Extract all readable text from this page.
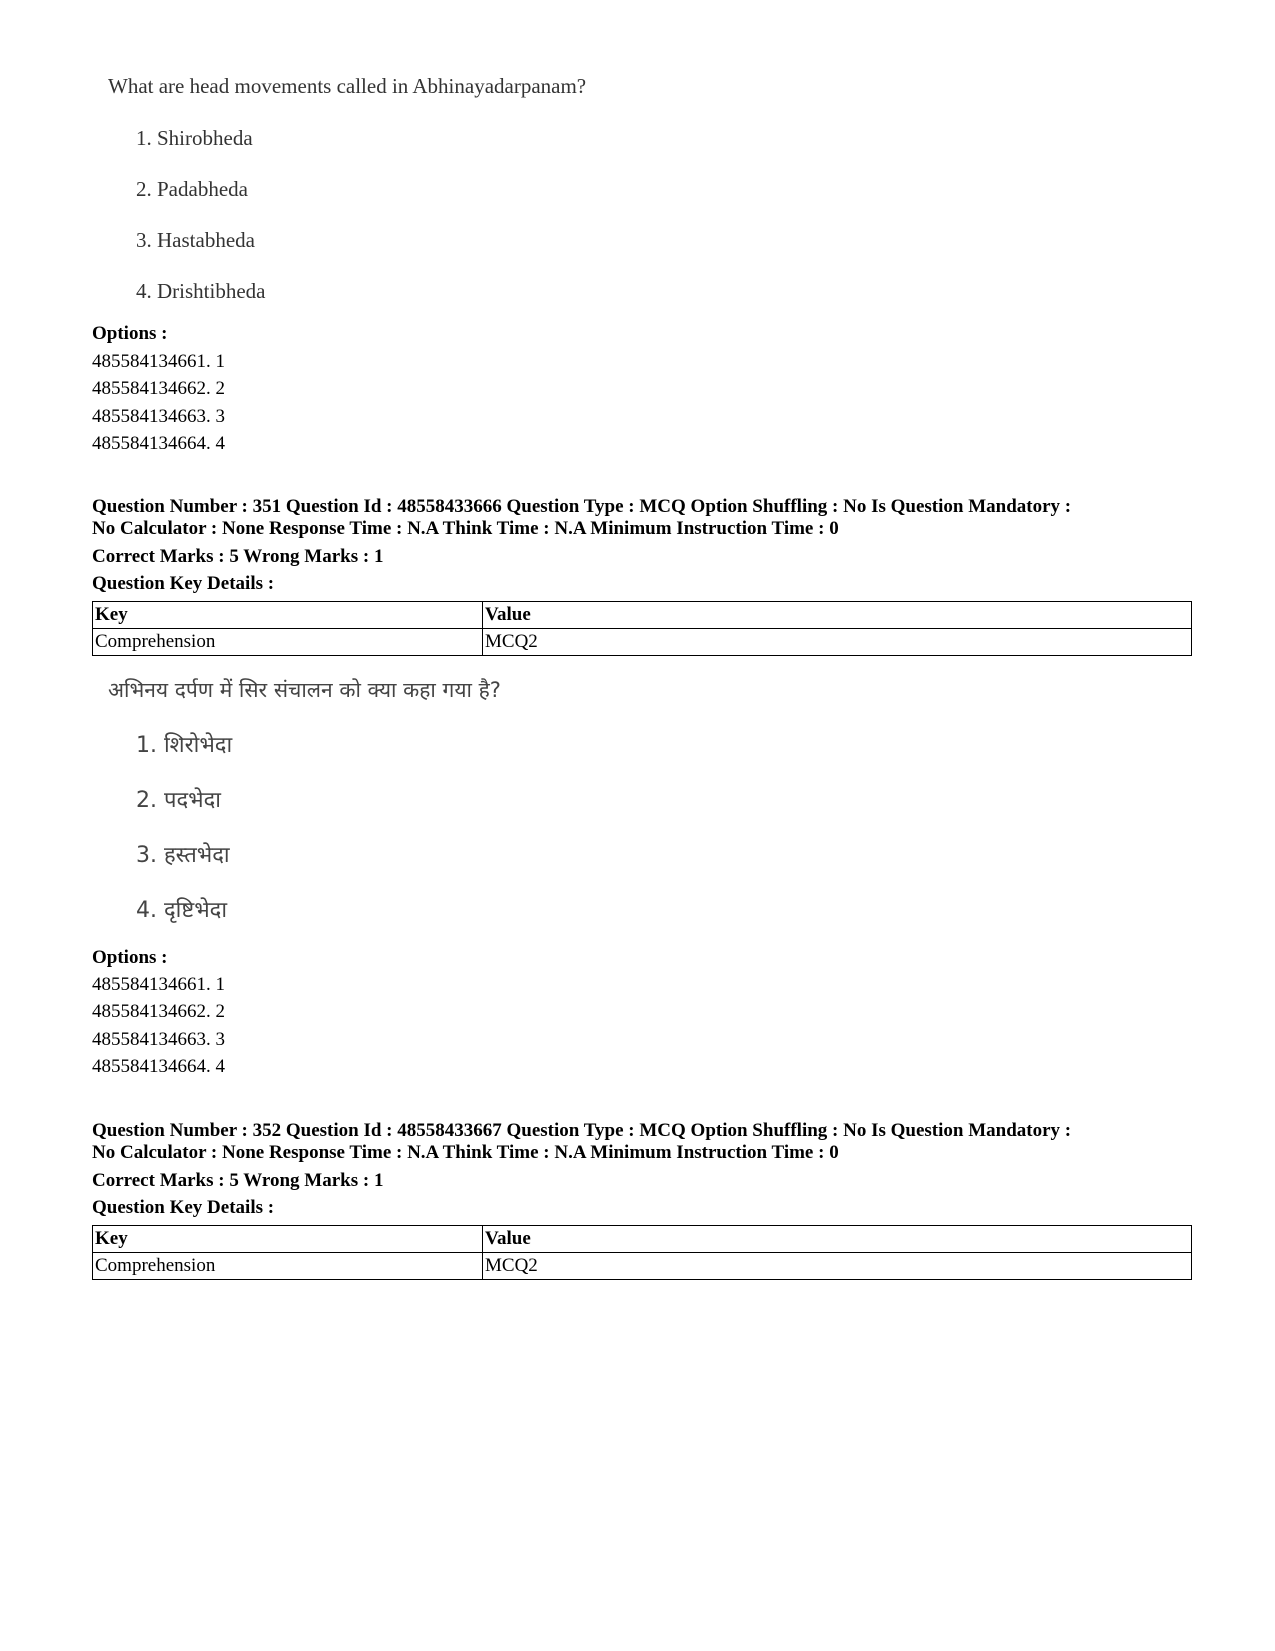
What are head movements called in Abhinayadarpanam?
1. Shirobheda
2. Padabheda
3. Hastabheda
4. Drishtibheda
Options :
485584134661. 1
485584134662. 2
485584134663. 3
485584134664. 4
Question Number : 351 Question Id : 48558433666 Question Type : MCQ Option Shuffling : No Is Question Mandatory :
No Calculator : None Response Time : N.A Think Time : N.A Minimum Instruction Time : 0
Correct Marks : 5 Wrong Marks : 1
Question Key Details :
Key	Value
Comprehension	MCQ2
अभिनय दर्पण में सिर संचालन को क्या कहा गया है?
1. शिरोभेदा
2. पदभेदा
3. हस्तभेदा
4. दृष्टिभेदा
Options :
485584134661. 1
485584134662. 2
485584134663. 3
485584134664. 4
Question Number : 352 Question Id : 48558433667 Question Type : MCQ Option Shuffling : No Is Question Mandatory :
No Calculator : None Response Time : N.A Think Time : N.A Minimum Instruction Time : 0
Correct Marks : 5 Wrong Marks : 1
Question Key Details :
Key	Value
Comprehension	MCQ2
